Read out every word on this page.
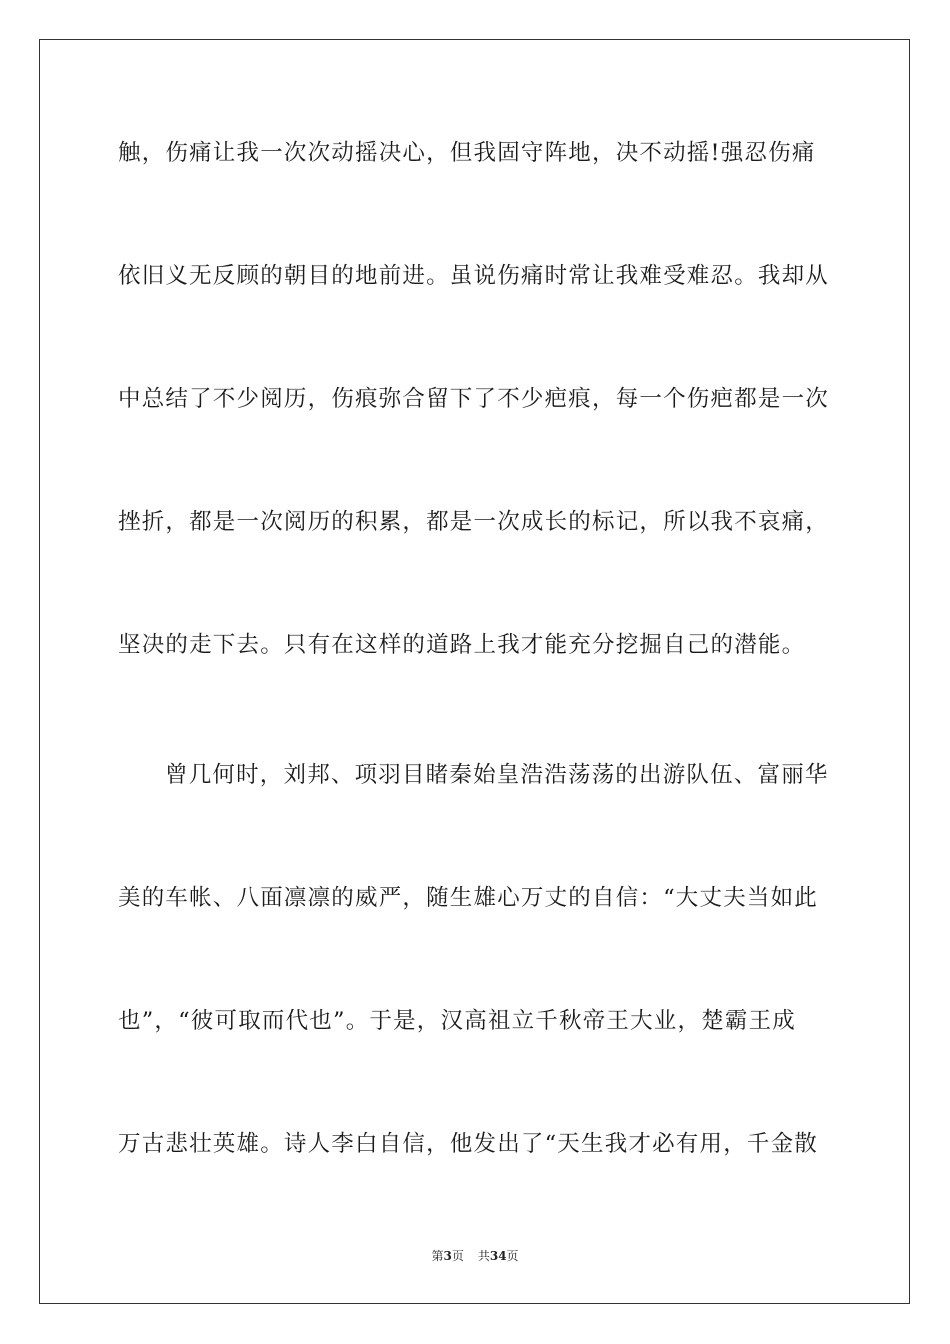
触，伤痛让我一次次动摇决心，但我固守阵地，决不动摇!强忍伤痛
依旧义无反顾的朝目的地前进。虽说伤痛时常让我难受难忍。我却从
中总结了不少阅历，伤痕弥合留下了不少疤痕，每一个伤疤都是一次
挫折，都是一次阅历的积累，都是一次成长的标记，所以我不哀痛，
坚决的走下去。只有在这样的道路上我才能充分挖掘自己的潜能。
曾几何时，刘邦、项羽目睹秦始皇浩浩荡荡的出游队伍、富丽华
美的车帐、八面凛凛的威严，随生雄心万丈的自信：“大丈夫当如此
也”，“彼可取而代也”。于是，汉高祖立千秋帝王大业，楚霸王成
万古悲壮英雄。诗人李白自信，他发出了“天生我才必有用，千金散
第3页 共34页
